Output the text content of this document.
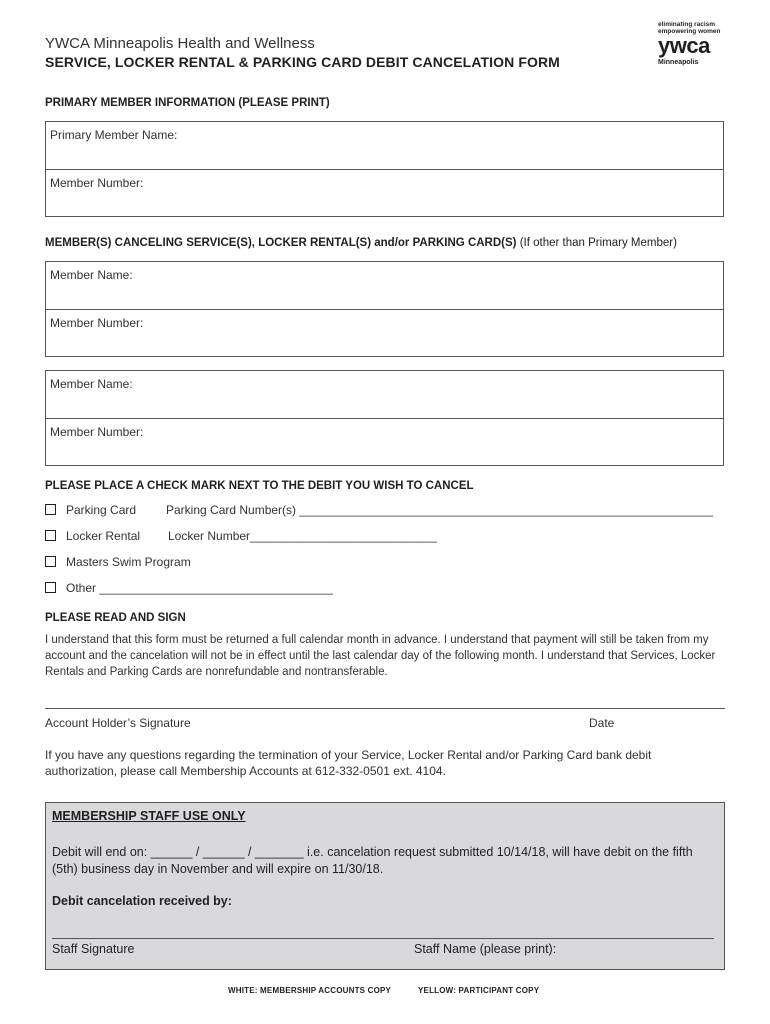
YWCA Minneapolis Health and Wellness
SERVICE, LOCKER RENTAL & PARKING CARD DEBIT CANCELATION FORM
eliminating racism
empowering women
ywca
Minneapolis
PRIMARY MEMBER INFORMATION (PLEASE PRINT)
Primary Member Name:
Member Number:
MEMBER(S) CANCELING SERVICE(S), LOCKER RENTAL(S) and/or PARKING CARD(S) (If other than Primary Member)
Member Name:
Member Number:
Member Name:
Member Number:
PLEASE PLACE A CHECK MARK NEXT TO THE DEBIT YOU WISH TO CANCEL
Parking Card Parking Card Number(s) ______________________________________________________________
Locker Rental Locker Number____________________________
Masters Swim Program
Other ___________________________________
PLEASE READ AND SIGN
I understand that this form must be returned a full calendar month in advance. I understand that payment will still be taken from my account and the cancelation will not be in effect until the last calendar day of the following month. I understand that Services, Locker Rentals and Parking Cards are nonrefundable and nontransferable.
Account Holder’s Signature	Date
If you have any questions regarding the termination of your Service, Locker Rental and/or Parking Card bank debit authorization, please call Membership Accounts at 612-332-0501 ext. 4104.
MEMBERSHIP STAFF USE ONLY
Debit will end on: ______ / ______ / _______ i.e. cancelation request submitted 10/14/18, will have debit on the fifth (5th) business day in November and will expire on 11/30/18.
Debit cancelation received by:
Staff Signature	Staff Name (please print):
WHITE: MEMBERSHIP ACCOUNTS COPY	YELLOW: PARTICIPANT COPY
